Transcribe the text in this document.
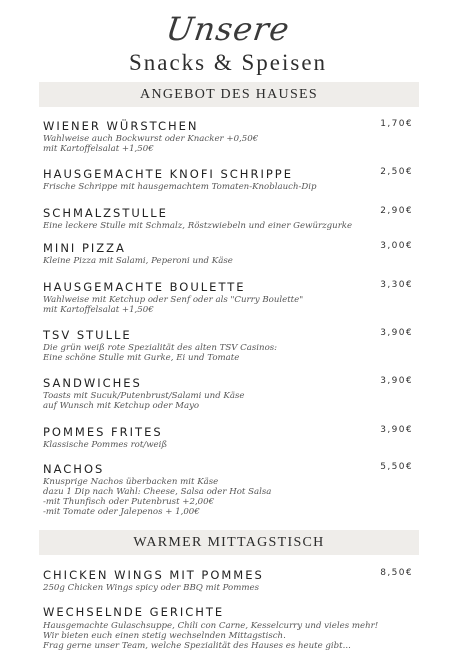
Unsere
Snacks & Speisen
ANGEBOT DES HAUSES
WIENER WÜRSTCHEN	1,70€
Wahlweise auch Bockwurst oder Knacker +0,50€
mit Kartoffelsalat +1,50€
HAUSGEMACHTE KNOFI SCHRIPPE	2,50€
Frische Schrippe mit hausgemachtem Tomaten-Knoblauch-Dip
SCHMALZSTULLE	2,90€
Eine leckere Stulle mit Schmalz, Röstzwiebeln und einer Gewürzgurke
MINI PIZZA	3,00€
Kleine Pizza mit Salami, Peperoni und Käse
HAUSGEMACHTE BOULETTE	3,30€
Wahlweise mit Ketchup oder Senf oder als "Curry Boulette"
mit Kartoffelsalat +1,50€
TSV STULLE	3,90€
Die grün weiß rote Spezialität des alten TSV Casinos:
Eine schöne Stulle mit Gurke, Ei und Tomate
SANDWICHES	3,90€
Toasts mit Sucuk/Putenbrust/Salami und Käse
auf Wunsch mit Ketchup oder Mayo
POMMES FRITES	3,90€
Klassische Pommes rot/weiß
NACHOS	5,50€
Knusprige Nachos überbacken mit Käse
dazu 1 Dip nach Wahl: Cheese, Salsa oder Hot Salsa
-mit Thunfisch oder Putenbrust +2,00€
-mit Tomate oder Jalepenos + 1,00€
WARMER MITTAGSTISCH
CHICKEN WINGS MIT POMMES	8,50€
250g Chicken Wings spicy oder BBQ mit Pommes
WECHSELNDE GERICHTE
Hausgemachte Gulaschsuppe, Chili con Carne, Kesselcurry und vieles mehr!
Wir bieten euch einen stetig wechselnden Mittagstisch.
Frag gerne unser Team, welche Spezialität des Hauses es heute gibt...
